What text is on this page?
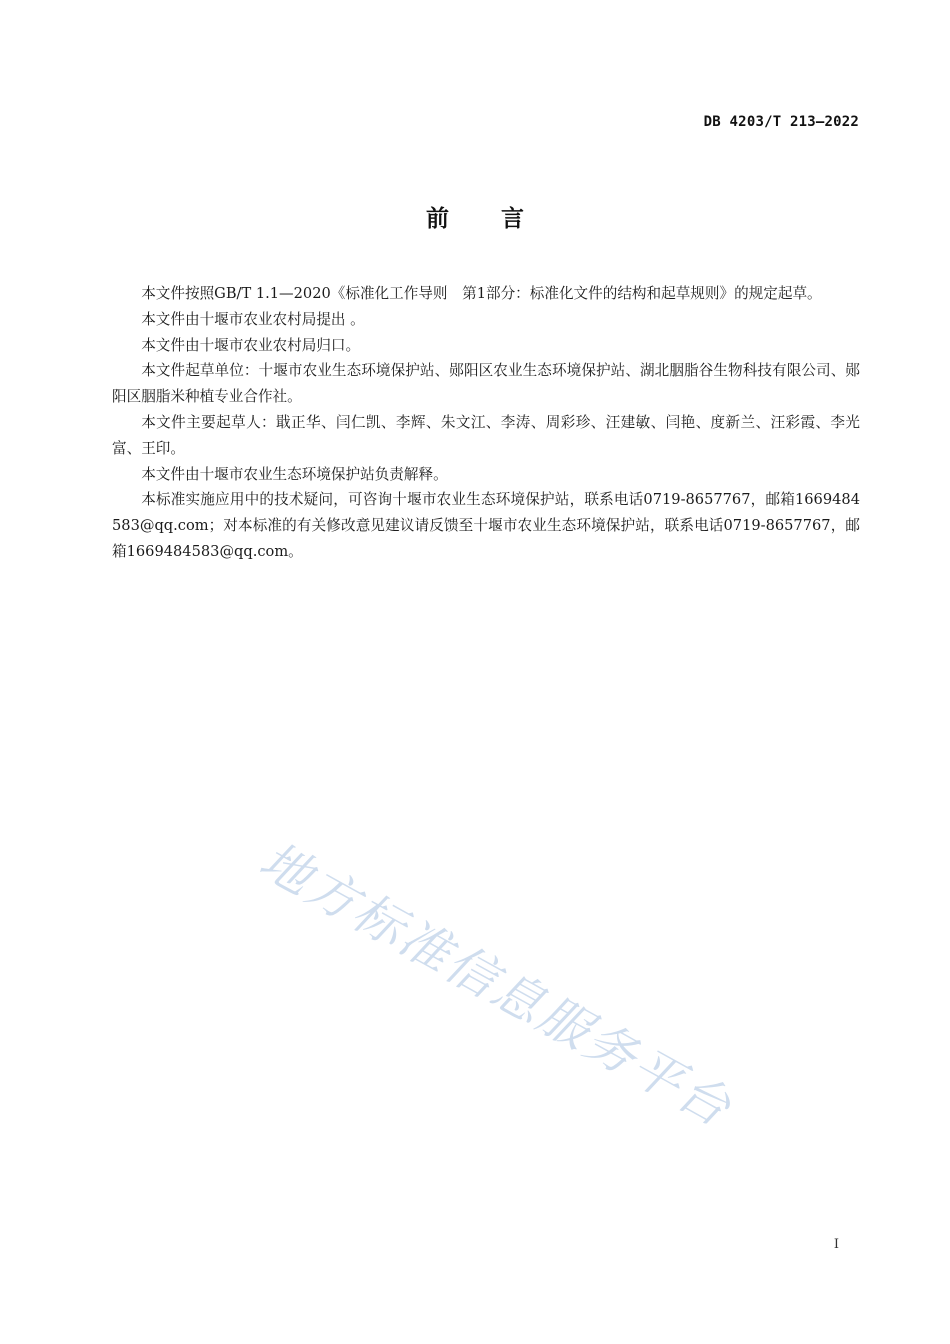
DB 4203/T 213—2022
前言

本文件按照GB/T 1.1—2020《标准化工作导则　第1部分：标准化文件的结构和起草规则》的规定起草。

本文件由十堰市农业农村局提出 。

本文件由十堰市农业农村局归口。

本文件起草单位：十堰市农业生态环境保护站、郧阳区农业生态环境保护站、湖北胭脂谷生物科技有限公司、郧阳区胭脂米种植专业合作社。

本文件主要起草人：戢正华、闫仁凯、李辉、朱文江、李涛、周彩珍、汪建敏、闫艳、度新兰、汪彩霞、李光富、王印。

本文件由十堰市农业生态环境保护站负责解释。

本标准实施应用中的技术疑问，可咨询十堰市农业生态环境保护站，联系电话0719-8657767，邮箱1669484583@qq.com；对本标准的有关修改意见建议请反馈至十堰市农业生态环境保护站，联系电话0719-8657767，邮箱1669484583@qq.com。

地方标准信息服务平台
I
